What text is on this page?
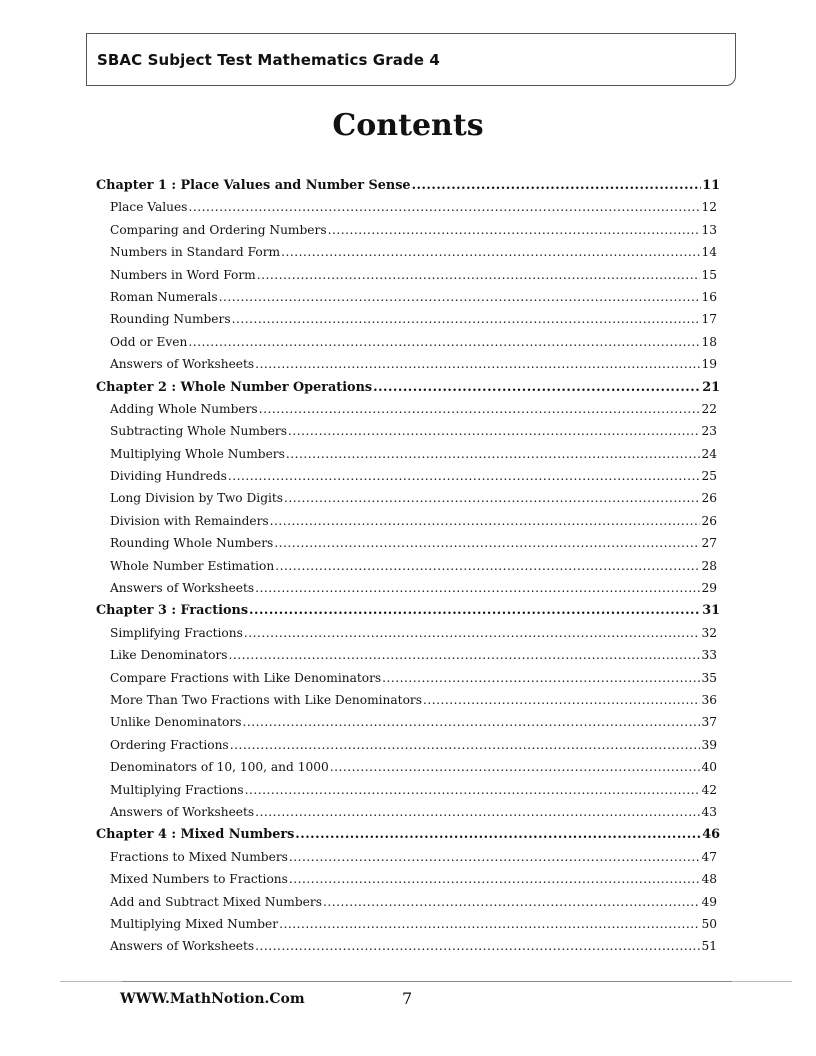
SBAC Subject Test Mathematics Grade 4
Contents
Chapter 1 : Place Values and Number Sense .....	11
Place Values .....	12
Comparing and Ordering Numbers .....	13
Numbers in Standard Form .....	14
Numbers in Word Form .....	15
Roman Numerals .....	16
Rounding Numbers .....	17
Odd or Even .....	18
Answers of Worksheets .....	19
Chapter 2 : Whole Number Operations .....	21
Adding Whole Numbers .....	22
Subtracting Whole Numbers .....	23
Multiplying Whole Numbers .....	24
Dividing Hundreds .....	25
Long Division by Two Digits .....	26
Division with Remainders .....	26
Rounding Whole Numbers .....	27
Whole Number Estimation .....	28
Answers of Worksheets .....	29
Chapter 3 : Fractions .....	31
Simplifying Fractions .....	32
Like Denominators .....	33
Compare Fractions with Like Denominators .....	35
More Than Two Fractions with Like Denominators .....	36
Unlike Denominators .....	37
Ordering Fractions .....	39
Denominators of 10, 100, and 1000 .....	40
Multiplying Fractions .....	42
Answers of Worksheets .....	43
Chapter 4 : Mixed Numbers .....	46
Fractions to Mixed Numbers .....	47
Mixed Numbers to Fractions .....	48
Add and Subtract Mixed Numbers .....	49
Multiplying Mixed Number .....	50
Answers of Worksheets .....	51
WWW.MathNotion.Com	7
